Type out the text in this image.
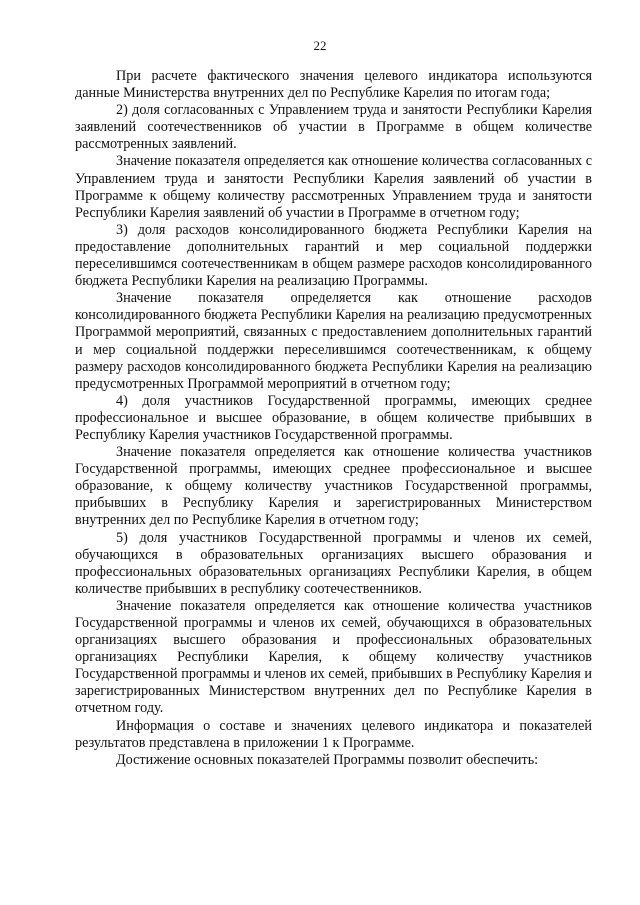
22

При расчете фактического значения целевого индикатора используются данные Министерства внутренних дел по Республике Карелия по итогам года;

2) доля согласованных с Управлением труда и занятости Республики Карелия заявлений соотечественников об участии в Программе в общем количестве рассмотренных заявлений.

Значение показателя определяется как отношение количества согласованных с Управлением труда и занятости Республики Карелия заявлений об участии в Программе к общему количеству рассмотренных Управлением труда и занятости Республики Карелия заявлений об участии в Программе в отчетном году;

3) доля расходов консолидированного бюджета Республики Карелия на предоставление дополнительных гарантий и мер социальной поддержки переселившимся соотечественникам в общем размере расходов консолидированного бюджета Республики Карелия на реализацию Программы.

Значение показателя определяется как отношение расходов консолидированного бюджета Республики Карелия на реализацию предусмотренных Программой мероприятий, связанных с предоставлением дополнительных гарантий и мер социальной поддержки переселившимся соотечественникам, к общему размеру расходов консолидированного бюджета Республики Карелия на реализацию предусмотренных Программой мероприятий в отчетном году;

4) доля участников Государственной программы, имеющих среднее профессиональное и высшее образование, в общем количестве прибывших в Республику Карелия участников Государственной программы.

Значение показателя определяется как отношение количества участников Государственной программы, имеющих среднее профессиональное и высшее образование, к общему количеству участников Государственной программы, прибывших в Республику Карелия и зарегистрированных Министерством внутренних дел по Республике Карелия в отчетном году;

5) доля участников Государственной программы и членов их семей, обучающихся в образовательных организациях высшего образования и профессиональных образовательных организациях Республики Карелия, в общем количестве прибывших в республику соотечественников.

Значение показателя определяется как отношение количества участников Государственной программы и членов их семей, обучающихся в образовательных организациях высшего образования и профессиональных образовательных организациях Республики Карелия, к общему количеству участников Государственной программы и членов их семей, прибывших в Республику Карелия и зарегистрированных Министерством внутренних дел по Республике Карелия в отчетном году.

Информация о составе и значениях целевого индикатора и показателей результатов представлена в приложении 1 к Программе.

Достижение основных показателей Программы позволит обеспечить:
